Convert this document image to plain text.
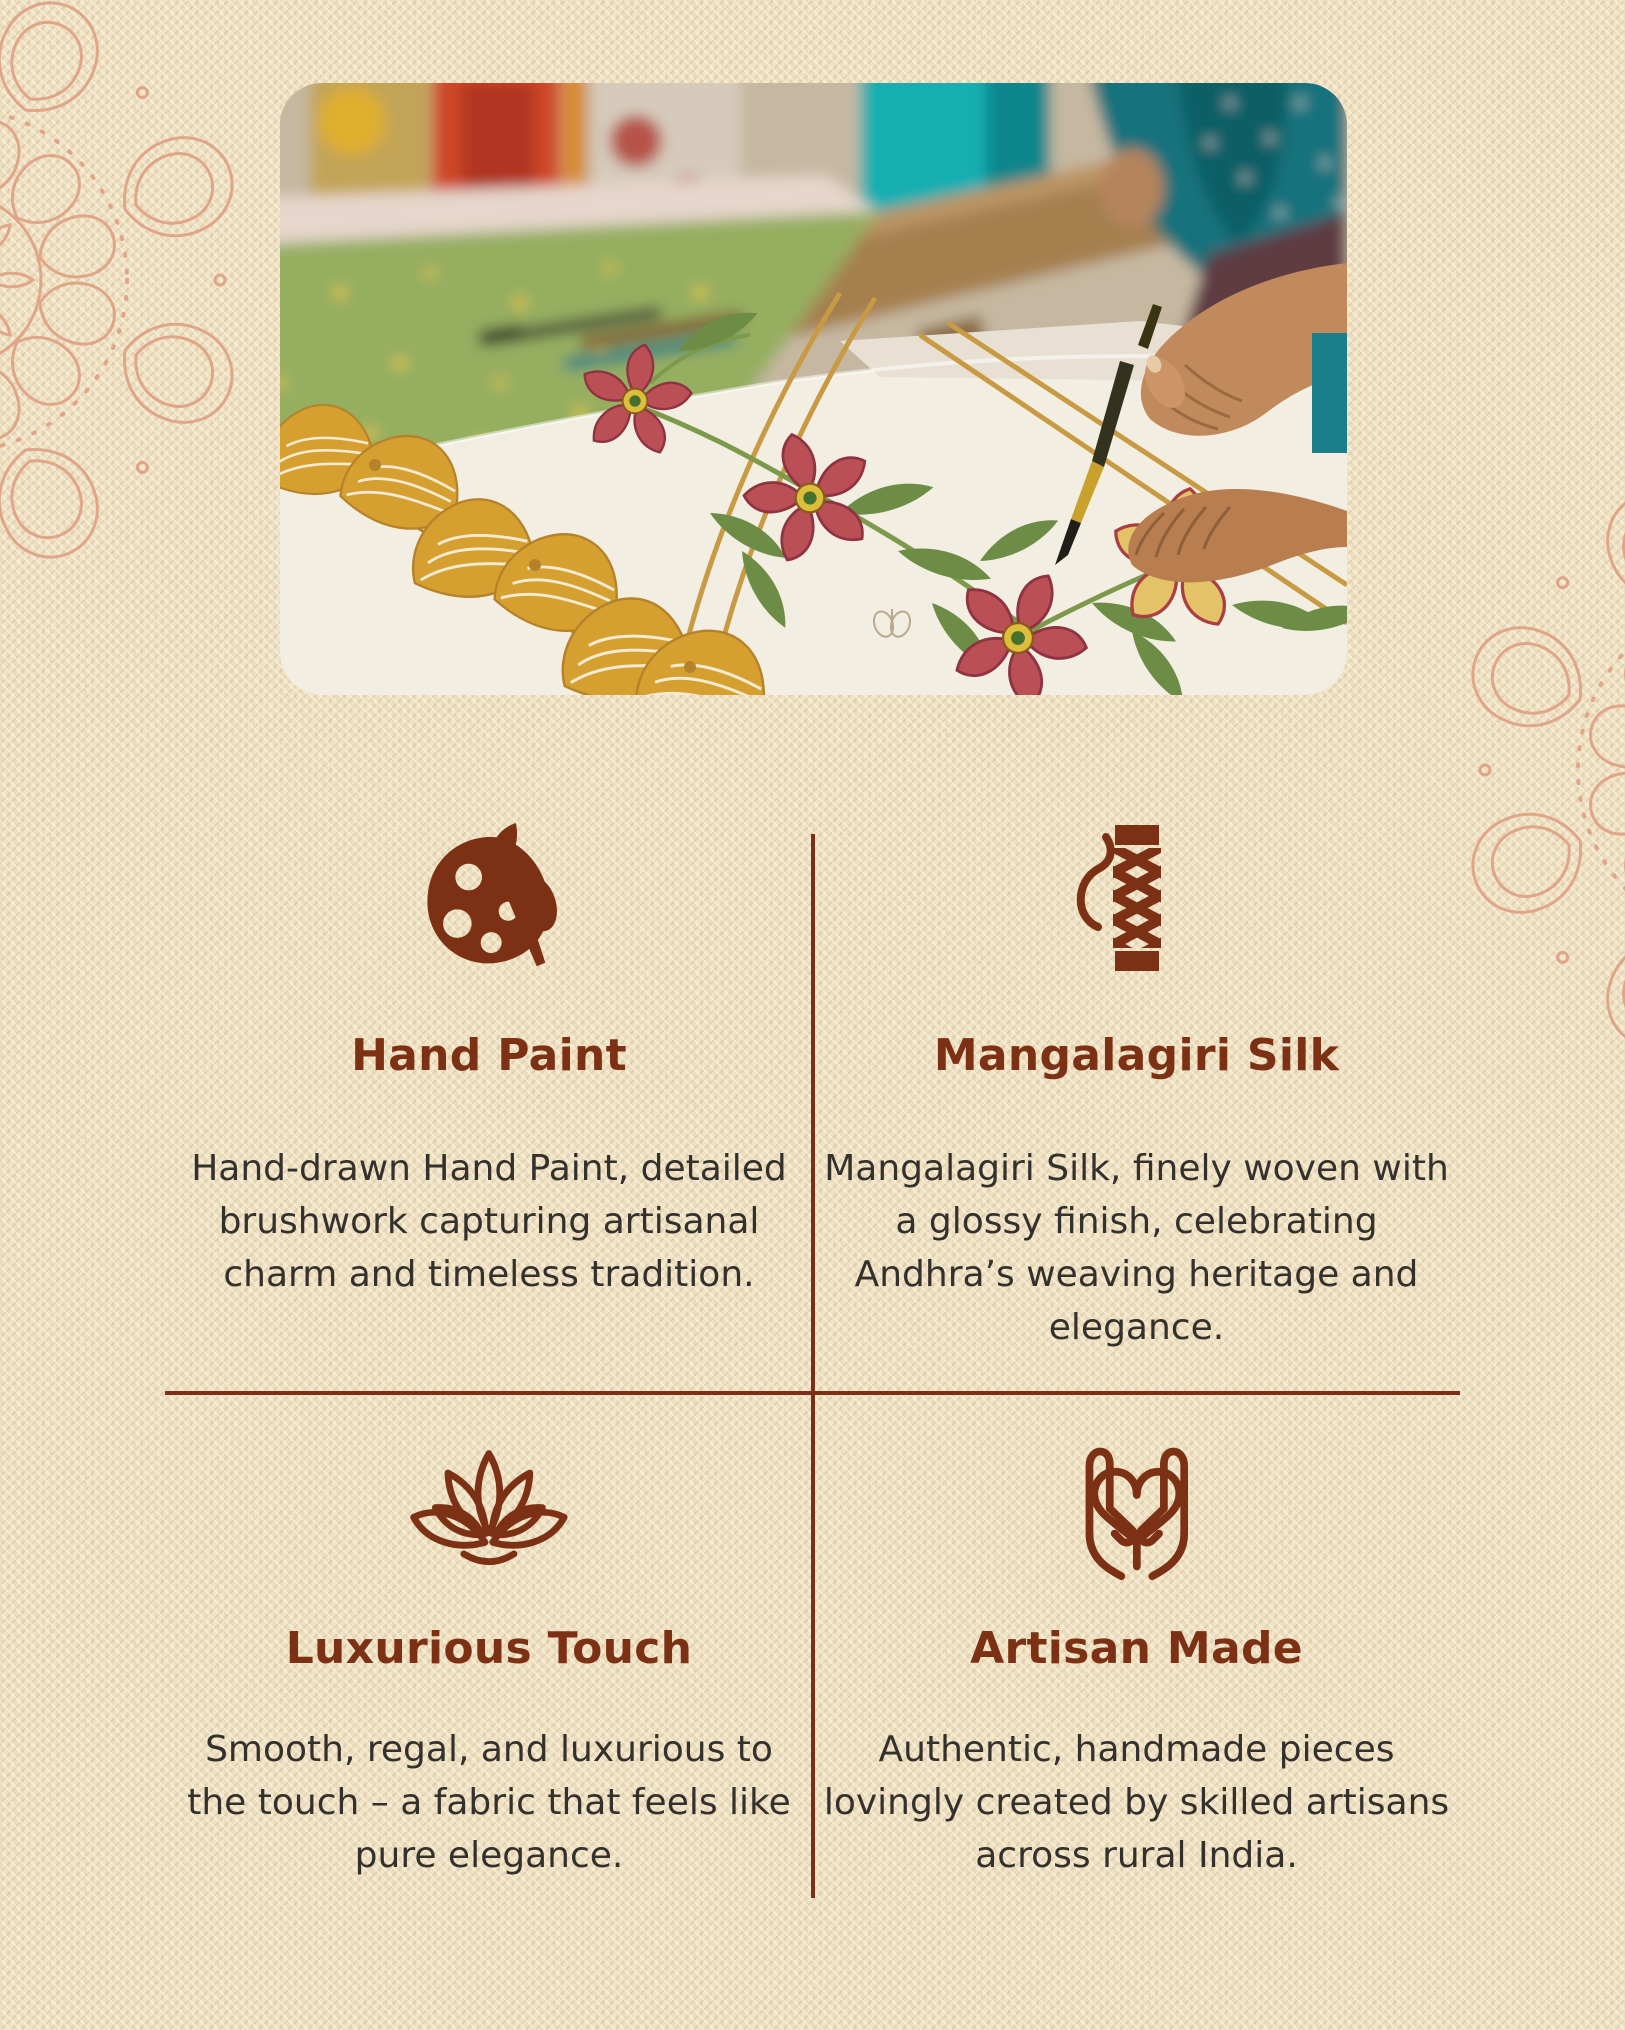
Hand Paint

Hand-drawn Hand Paint, detailed brushwork capturing artisanal charm and timeless tradition.

Mangalagiri Silk

Mangalagiri Silk, finely woven with a glossy finish, celebrating Andhra’s weaving heritage and elegance.

Luxurious Touch

Smooth, regal, and luxurious to the touch – a fabric that feels like pure elegance.

Artisan Made

Authentic, handmade pieces lovingly created by skilled artisans across rural India.
